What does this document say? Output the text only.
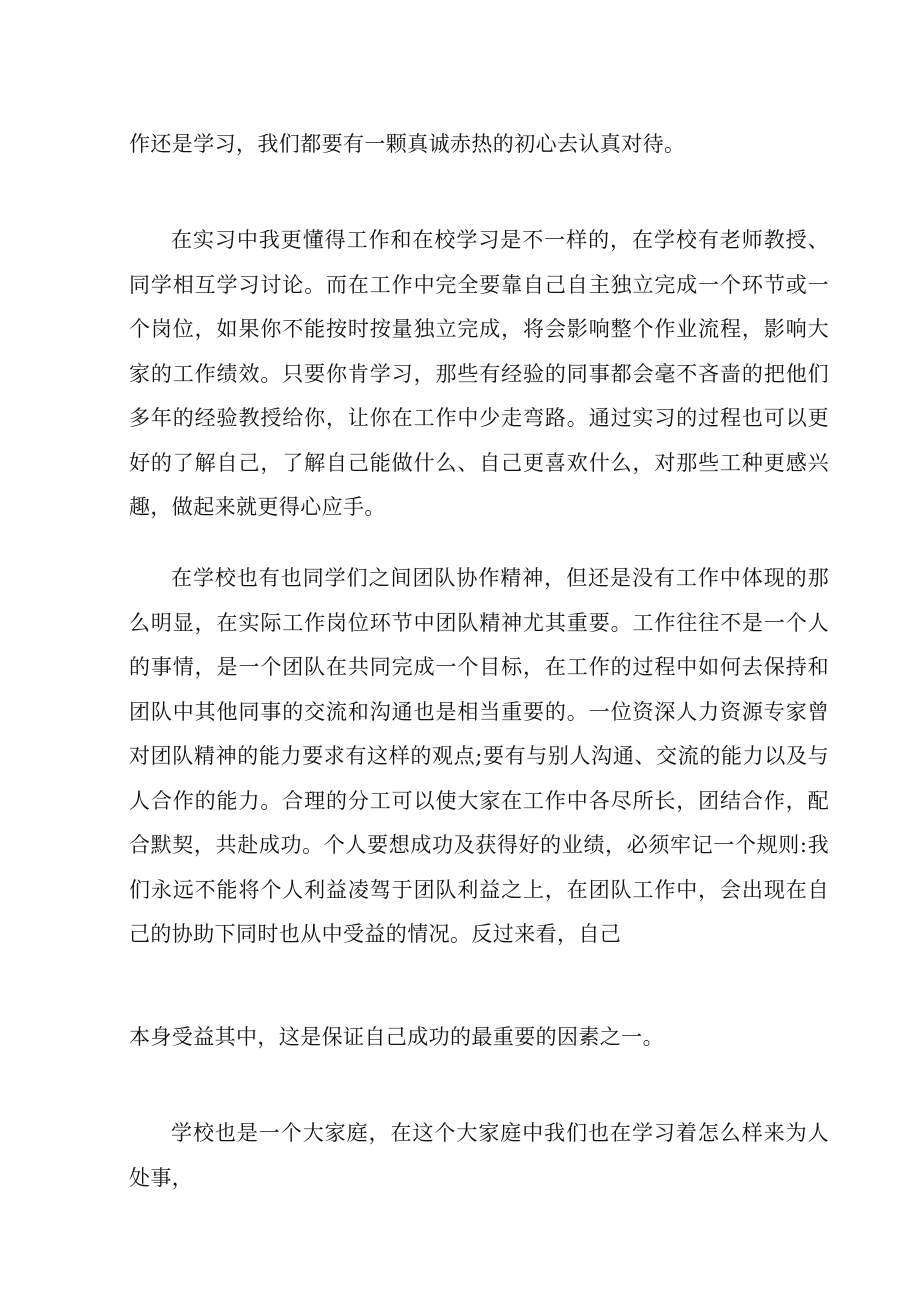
作还是学习，我们都要有一颗真诚赤热的初心去认真对待。

在实习中我更懂得工作和在校学习是不一样的，在学校有老师教授、同学相互学习讨论。而在工作中完全要靠自己自主独立完成一个环节或一个岗位，如果你不能按时按量独立完成，将会影响整个作业流程，影响大家的工作绩效。只要你肯学习，那些有经验的同事都会毫不吝啬的把他们多年的经验教授给你，让你在工作中少走弯路。通过实习的过程也可以更好的了解自己，了解自己能做什么、自己更喜欢什么，对那些工种更感兴趣，做起来就更得心应手。

在学校也有也同学们之间团队协作精神，但还是没有工作中体现的那么明显，在实际工作岗位环节中团队精神尤其重要。工作往往不是一个人的事情，是一个团队在共同完成一个目标，在工作的过程中如何去保持和团队中其他同事的交流和沟通也是相当重要的。一位资深人力资源专家曾对团队精神的能力要求有这样的观点;要有与别人沟通、交流的能力以及与人合作的能力。合理的分工可以使大家在工作中各尽所长，团结合作，配合默契，共赴成功。个人要想成功及获得好的业绩，必须牢记一个规则:我们永远不能将个人利益凌驾于团队利益之上，在团队工作中，会出现在自己的协助下同时也从中受益的情况。反过来看，自己

本身受益其中，这是保证自己成功的最重要的因素之一。

学校也是一个大家庭，在这个大家庭中我们也在学习着怎么样来为人处事，
